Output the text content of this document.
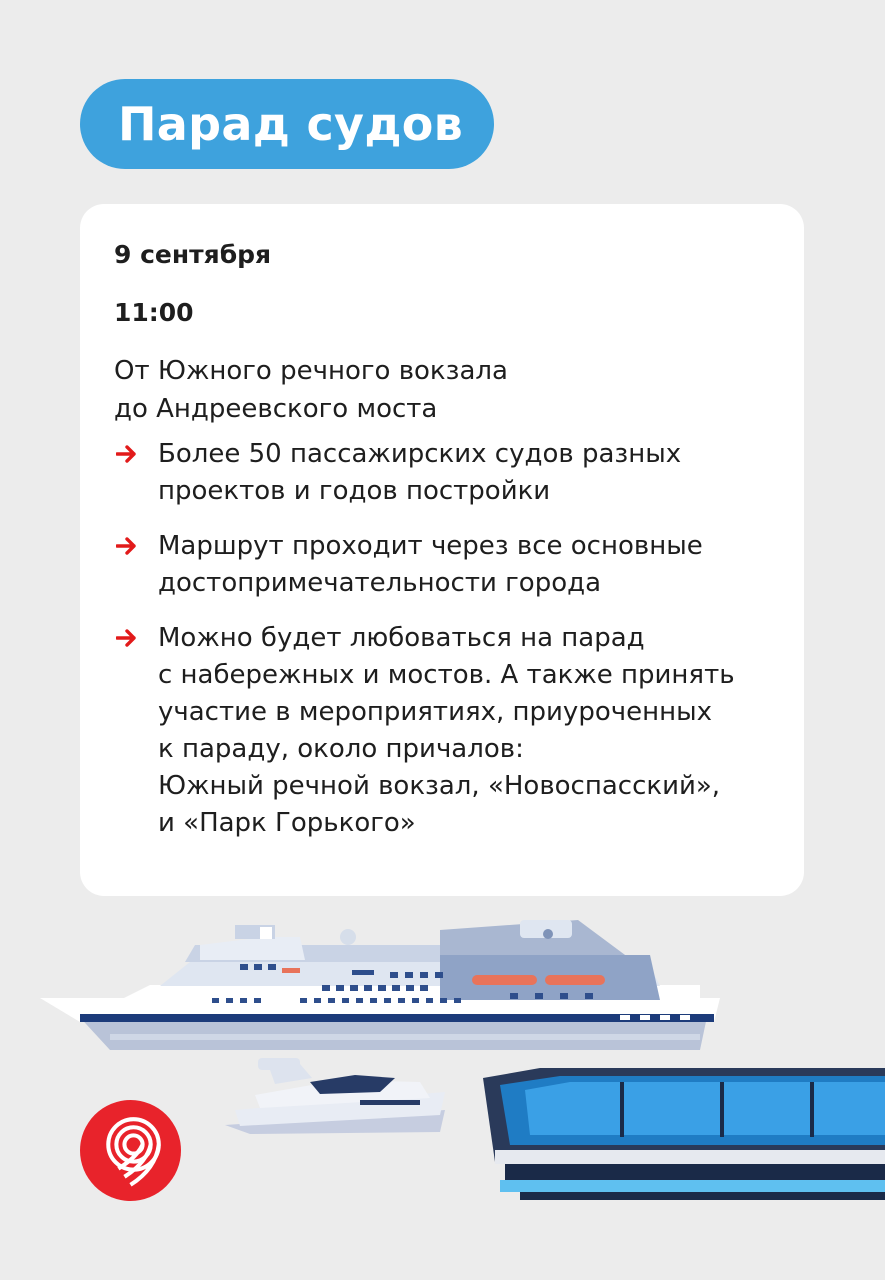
Парад судов

9 сентября

11:00

От Южного речного вокзала
до Андреевского моста
Более 50 пассажирских судов разных
проектов и годов постройки
Маршрут проходит через все основные
достопримечательности города
Можно будет любоваться на парад
с набережных и мостов. А также принять
участие в мероприятиях, приуроченных
к параду, около причалов:
Южный речной вокзал, «Новоспасский»,
и «Парк Горького»
